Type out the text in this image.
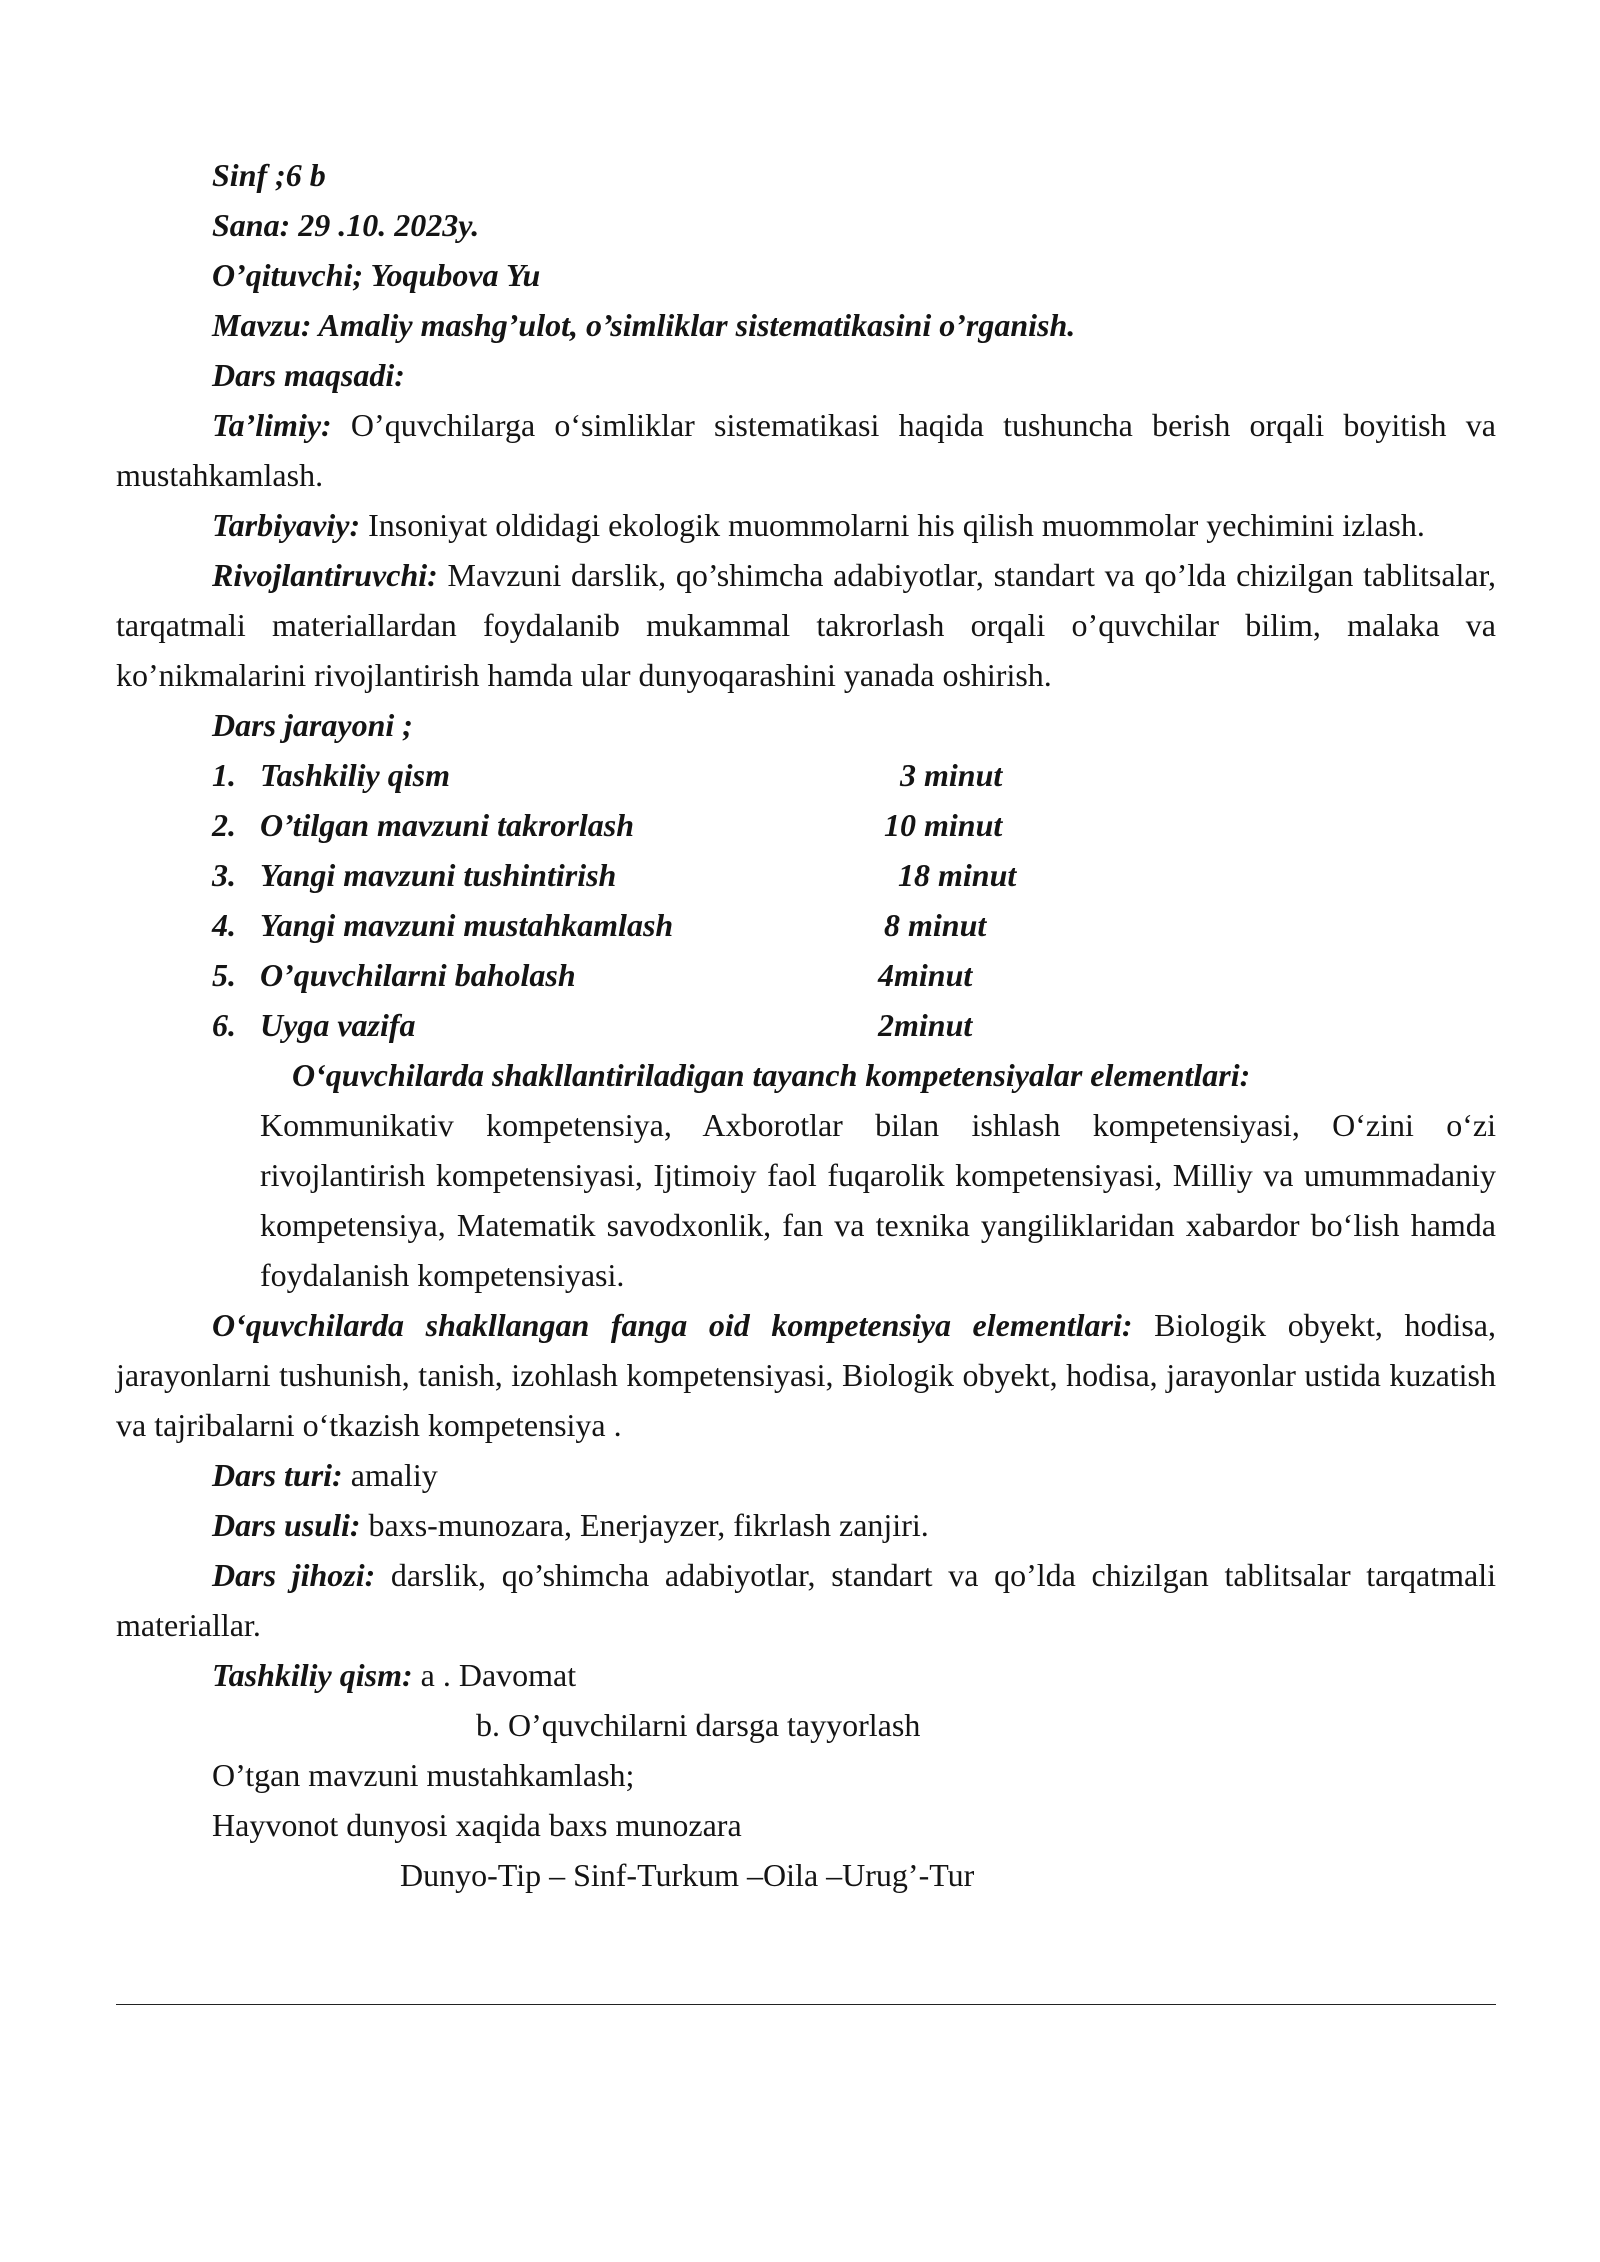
Sinf ;6 b

Sana: 29 .10. 2023y.

O’qituvchi; Yoqubova Yu

Mavzu: Amaliy mashg’ulot, o’simliklar sistematikasini o’rganish.

Dars maqsadi:

Ta’limiy: O’quvchilarga o‘simliklar sistematikasi haqida tushuncha berish orqali boyitish va mustahkamlash.

Tarbiyaviy: Insoniyat oldidagi ekologik muommolarni his qilish muommolar yechimini izlash.

Rivojlantiruvchi: Mavzuni darslik, qo’shimcha adabiyotlar, standart va qo’lda chizilgan tablitsalar, tarqatmali materiallardan foydalanib mukammal takrorlash orqali o’quvchilar bilim, malaka va ko’nikmalarini rivojlantirish hamda ular dunyoqarashini yanada oshirish.

Dars jarayoni ;

1. Tashkiliy qism	3 minut
2. O’tilgan mavzuni takrorlash	10 minut
3. Yangi mavzuni tushintirish	18 minut
4. Yangi mavzuni mustahkamlash	8 minut
5. O’quvchilarni baholash	4minut
6. Uyga vazifa	2minut

O‘quvchilarda shakllantiriladigan tayanch kompetensiyalar elementlari:
Kommunikativ kompetensiya, Axborotlar bilan ishlash kompetensiyasi, O‘zini o‘zi rivojlantirish kompetensiyasi, Ijtimoiy faol fuqarolik kompetensiyasi, Milliy va umummadaniy kompetensiya, Matematik savodxonlik, fan va texnika yangiliklaridan xabardor bo‘lish hamda foydalanish kompetensiyasi.

O‘quvchilarda shakllangan fanga oid kompetensiya elementlari: Biologik obyekt, hodisa, jarayonlarni tushunish, tanish, izohlash kompetensiyasi, Biologik obyekt, hodisa, jarayonlar ustida kuzatish va tajribalarni o‘tkazish kompetensiya .

Dars turi: amaliy

Dars usuli: baxs-munozara, Enerjayzer, fikrlash zanjiri.

Dars jihozi: darslik, qo’shimcha adabiyotlar, standart va qo’lda chizilgan tablitsalar tarqatmali materiallar.

Tashkiliy qism: a . Davomat

b. O’quvchilarni darsga tayyorlash

O’tgan mavzuni mustahkamlash;

Hayvonot dunyosi xaqida baxs munozara

Dunyo-Tip – Sinf-Turkum –Oila –Urug’-Tur
